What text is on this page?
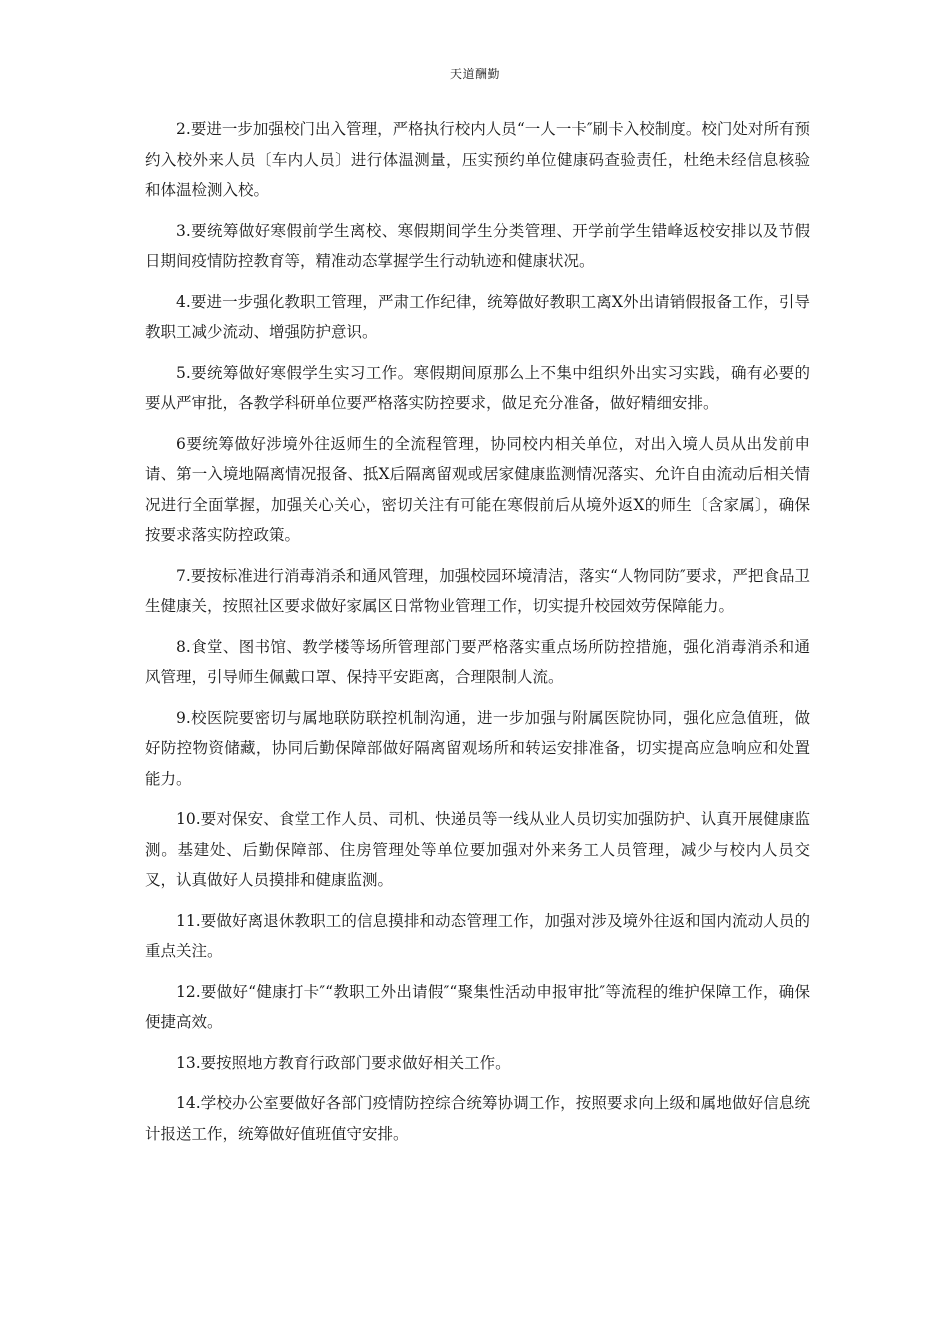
天道酬勤

2.要进一步加强校门出入管理，严格执行校内人员“一人一卡″刷卡入校制度。校门处对所有预约入校外来人员〔车内人员〕进行体温测量，压实预约单位健康码查验责任，杜绝未经信息核验和体温检测入校。

3.要统筹做好寒假前学生离校、寒假期间学生分类管理、开学前学生错峰返校安排以及节假日期间疫情防控教育等，精准动态掌握学生行动轨迹和健康状况。

4.要进一步强化教职工管理，严肃工作纪律，统筹做好教职工离Ⅹ外出请销假报备工作，引导教职工减少流动、增强防护意识。

5.要统筹做好寒假学生实习工作。寒假期间原那么上不集中组织外出实习实践，确有必要的要从严审批，各教学科研单位要严格落实防控要求，做足充分准备，做好精细安排。

6要统筹做好涉境外往返师生的全流程管理，协同校内相关单位，对出入境人员从出发前申请、第一入境地隔离情况报备、抵Ⅹ后隔离留观或居家健康监测情况落实、允许自由流动后相关情况进行全面掌握，加强关心关心，密切关注有可能在寒假前后从境外返Ⅹ的师生〔含家属〕，确保按要求落实防控政策。

7.要按标准进行消毒消杀和通风管理，加强校园环境清洁，落实“人物同防″要求，严把食品卫生健康关，按照社区要求做好家属区日常物业管理工作，切实提升校园效劳保障能力。

8.食堂、图书馆、教学楼等场所管理部门要严格落实重点场所防控措施，强化消毒消杀和通风管理，引导师生佩戴口罩、保持平安距离，合理限制人流。

9.校医院要密切与属地联防联控机制沟通，进一步加强与附属医院协同，强化应急值班，做好防控物资储藏，协同后勤保障部做好隔离留观场所和转运安排准备，切实提高应急响应和处置能力。

10.要对保安、食堂工作人员、司机、快递员等一线从业人员切实加强防护、认真开展健康监测。基建处、后勤保障部、住房管理处等单位要加强对外来务工人员管理，减少与校内人员交叉，认真做好人员摸排和健康监测。

11.要做好离退休教职工的信息摸排和动态管理工作，加强对涉及境外往返和国内流动人员的重点关注。

12.要做好“健康打卡″“教职工外出请假″“聚集性活动申报审批″等流程的维护保障工作，确保便捷高效。

13.要按照地方教育行政部门要求做好相关工作。

14.学校办公室要做好各部门疫情防控综合统筹协调工作，按照要求向上级和属地做好信息统计报送工作，统筹做好值班值守安排。
